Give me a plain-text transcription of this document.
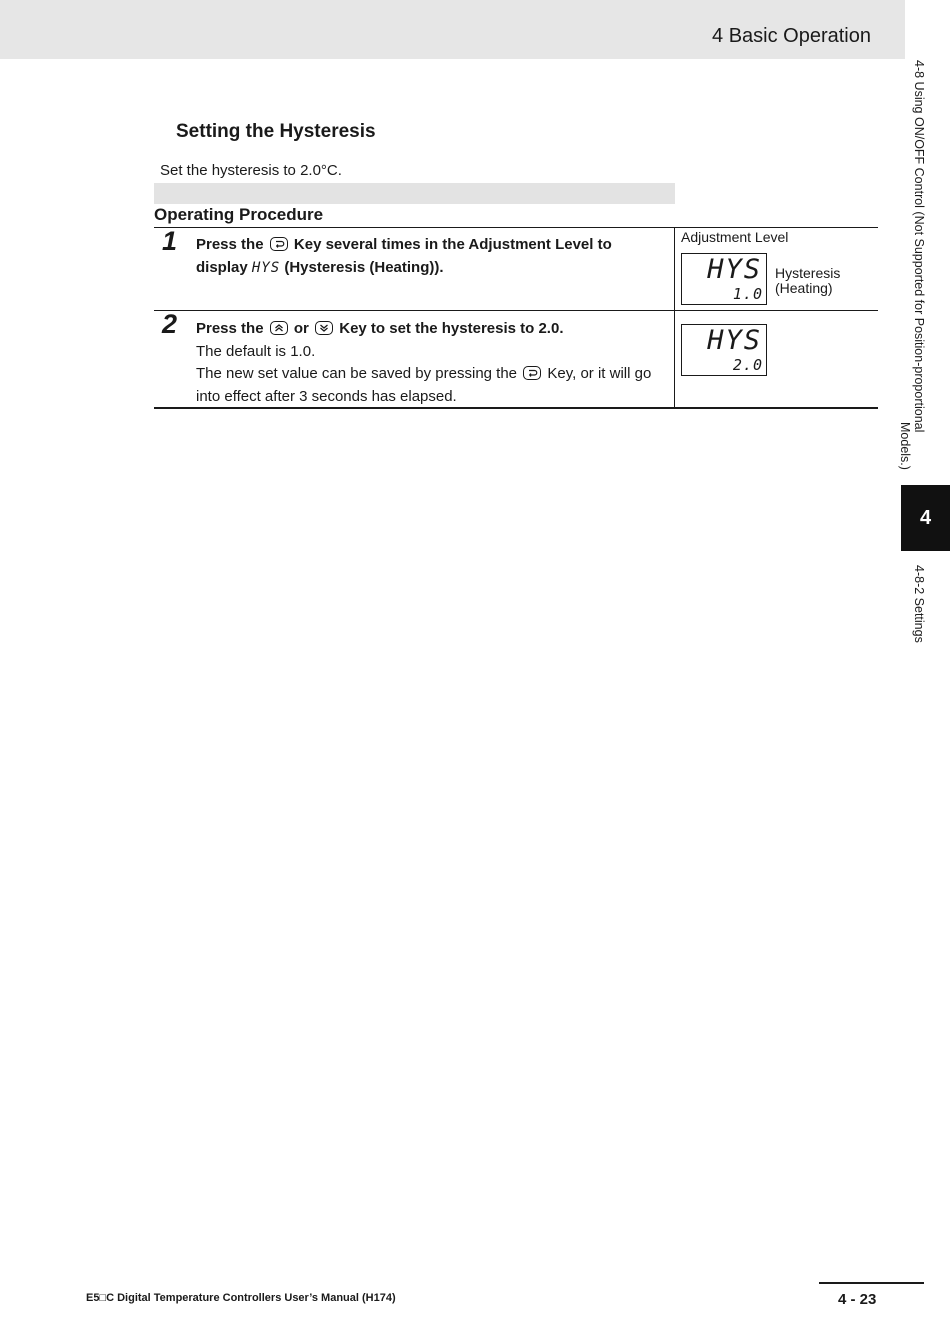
4 Basic Operation
4-8 Using ON/OFF Control (Not Supported for Position-proportional
Models.)
4
4-8-2 Settings
Setting the Hysteresis
Set the hysteresis to 2.0°C.
Operating Procedure
1 Press the Key several times in the Adjustment Level to
display HYS (Hysteresis (Heating)).
2 Press the or Key to set the hysteresis to 2.0.
The default is 1.0.
The new set value can be saved by pressing the Key, or it will go into effect after 3 seconds has elapsed.
Adjustment Level
HYS
1.0
Hysteresis
(Heating)
HYS
2.0
E5□C Digital Temperature Controllers User’s Manual (H174)	4 - 23
